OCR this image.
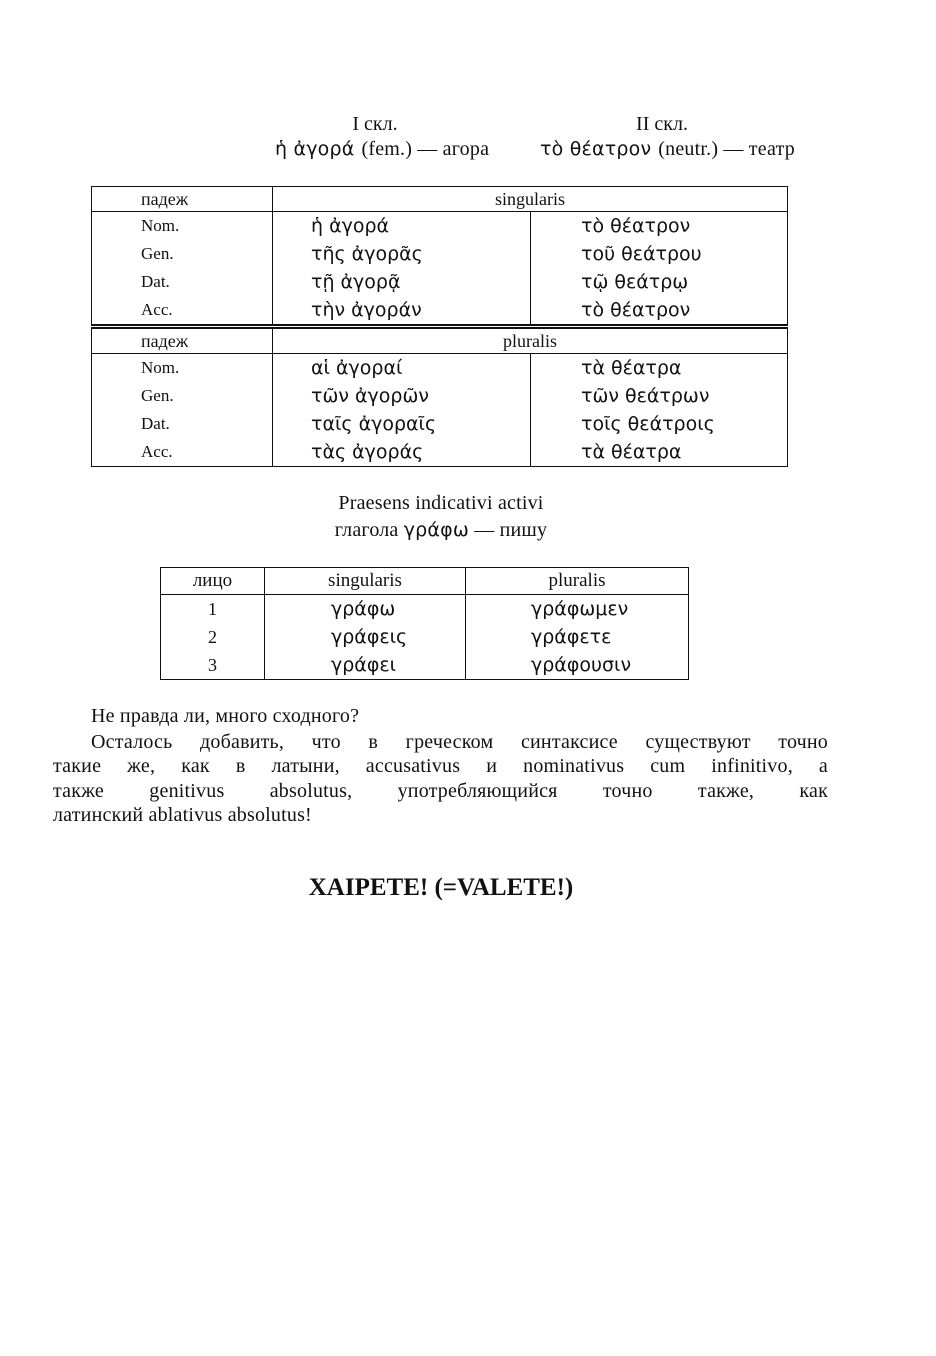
I скл.	II скл.
ἡ ἀγορά (fem.) — агора	τὸ θέατρον (neutr.) — театр
падеж	singularis	
Nom.	ἡ ἀγορά	τὸ θέατρον
Gen.	τῆς ἀγορᾶς	τοῦ θεάτρου
Dat.	τῇ ἀγορᾷ	τῷ θεάτρῳ
Acc.	τὴν ἀγοράν	τὸ θέατρον
падеж	pluralis	
Nom.	αἱ ἀγοραί	τὰ θέατρα
Gen.	τῶν ἀγορῶν	τῶν θεάτρων
Dat.	ταῖς ἀγοραῖς	τοῖς θεάτροις
Acc.	τὰς ἀγοράς	τὰ θέατρα
Praesens indicativi activi
глагола γράφω — пишу
лицо	singularis	pluralis
1	γράφω	γράφωμεν
2	γράφεις	γράφετε
3	γράφει	γράφουσιν
Не правда ли, много сходного?
Осталось добавить, что в греческом синтаксисе существуют точно
такие же, как в латыни, accusativus и nominativus cum infinitivo, а
также genitivus absolutus, употребляющийся точно также, как
латинский ablativus absolutus!
XAIPETE! (=VALETE!)
